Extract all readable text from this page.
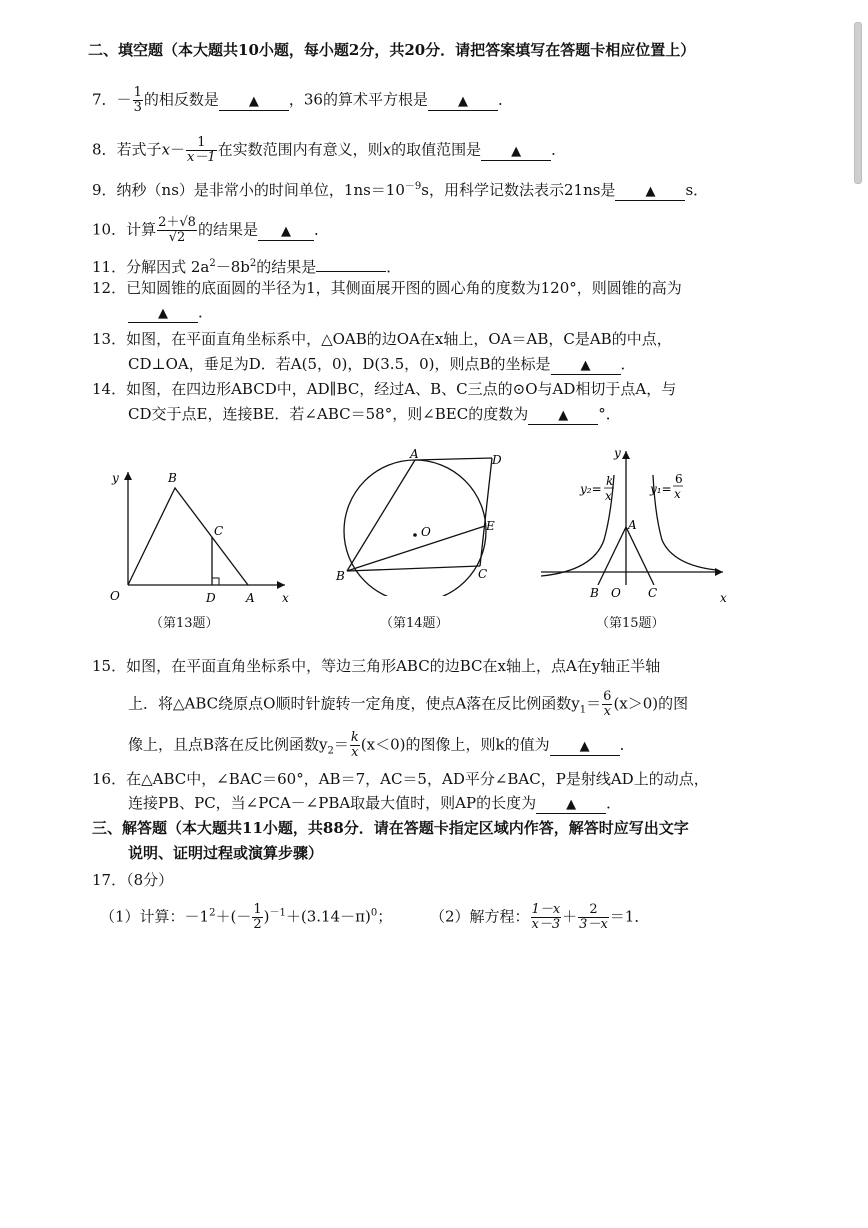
二、填空题（本大题共10小题，每小题2分，共20分．请把答案填写在答题卡相应位置上）
7．－ $\frac{1}{3}$ 的相反数是 ▲ ，36的算术平方根是 ▲ ．
8．若式子$x- \frac{1}{x-1}$ 在实数范围内有意义，则x的取值范围是 ▲ ．
9．纳秒（ns）是非常小的时间单位，$1ns=10^{-9}s$，用科学记数法表示21ns是 ▲ s．
10．计算 $\frac{2+√8}{√2}$ 的结果是 ▲ ．
11．分解因式 $2a^2-8b^2$的结果是	．
12．已知圆锥的底面圆的半径为1，其侧面展开图的圆心角的度数为120°，则圆锥的高为
▲ ．
13．如图，在平面直角坐标系中，△OAB的边OA在x轴上，OA＝AB，C是AB的中点，
CD⊥OA，垂足为D．若A(5，0)，D(3.5，0)，则点B的坐标是 ▲ ．
14．如图，在四边形ABCD中，AD∥BC，经过A、B、C三点的⊙O与AD相切于点A，与
CD交于点E，连接BE．若∠ABC＝58°，则∠BEC的度数为 ▲ °．
y
x
O
B
C
D	A
（第13题）
A	D
O	E
B	C
（第14题）
y
x
B O
A
C
y₂=
k
x	y₁=
6
x
（第15题）
15．如图，在平面直角坐标系中，等边三角形ABC的边BC在x轴上，点A在y轴正半轴
上．将△ABC绕原点O顺时针旋转一定角度，使点A落在反比例函数$y_1= \frac{6}{x} (x>0)$的图
像上，且点B落在反比例函数$y_2= \frac{k}{x} (x<0)$的图像上，则k的值为 ▲ ．
16．在△ABC中，∠BAC＝60°，AB＝7，AC＝5，AD平分∠BAC，P是射线AD上的动点，
连接PB、PC，当∠PCA－∠PBA取最大值时，则AP的长度为 ▲ ．
三、解答题（本大题共11小题，共88分．请在答题卡指定区域内作答，解答时应写出文字
说明、证明过程或演算步骤）
17．（8分）
（1）计算：$-1^2+(- \frac{1}{2} )^{-1}+(3.14-\pi)^0$；	（2）解方程： $\frac{1-x}{x-3} + \frac{2}{3-x} =1$．
